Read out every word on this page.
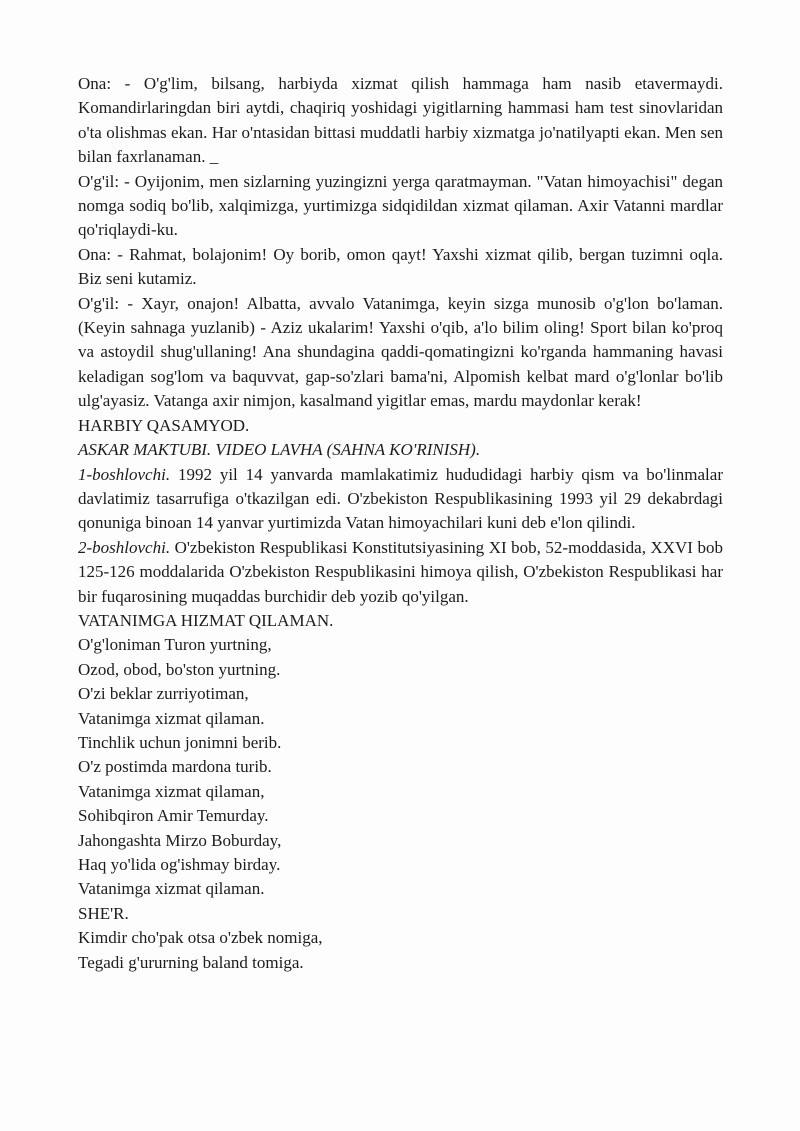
Ona: - O'g'lim, bilsang, harbiyda xizmat qilish hammaga ham nasib etavermaydi. Komandirlaringdan biri aytdi, chaqiriq yoshidagi yigitlarning hammasi ham test sinovlaridan o'ta olishmas ekan. Har o'ntasidan bittasi muddatli harbiy xizmatga jo'natilyapti ekan. Men sen bilan faxrlanaman. _

O'g'il: - Oyijonim, men sizlarning yuzingizni yerga qaratmayman. "Vatan himoyachisi" degan nomga sodiq bo'lib, xalqimizga, yurtimizga sidqidildan xizmat qilaman. Axir Vatanni mardlar qo'riqlaydi-ku.

Ona: - Rahmat, bolajonim! Oy borib, omon qayt! Yaxshi xizmat qilib, bergan tuzimni oqla. Biz seni kutamiz.

O'g'il: - Xayr, onajon! Albatta, avvalo Vatanimga, keyin sizga munosib o'g'lon bo'laman. (Keyin sahnaga yuzlanib) - Aziz ukalarim! Yaxshi o'qib, a'lo bilim oling! Sport bilan ko'proq va astoydil shug'ullaning! Ana shundagina qaddi-qomatingizni ko'rganda hammaning havasi keladigan sog'lom va baquvvat, gap-so'zlari bama'ni, Alpomish kelbat mard o'g'lonlar bo'lib ulg'ayasiz. Vatanga axir nimjon, kasalmand yigitlar emas, mardu maydonlar kerak!

HARBIY QASAMYOD.

ASKAR MAKTUBI. VIDEO LAVHA (SAHNA KO'RINISH).

1-boshlovchi. 1992 yil 14 yanvarda mamlakatimiz hududidagi harbiy qism va bo'linmalar davlatimiz tasarrufiga o'tkazilgan edi. O'zbekiston Respublikasining 1993 yil 29 dekabrdagi qonuniga binoan 14 yanvar yurtimizda Vatan himoyachilari kuni deb e'lon qilindi.

2-boshlovchi. O'zbekiston Respublikasi Konstitutsiyasining XI bob, 52-moddasida, XXVI bob 125-126 moddalarida O'zbekiston Respublikasini himoya qilish, O'zbekiston Respublikasi har bir fuqarosining muqaddas burchidir deb yozib qo'yilgan.

VATANIMGA HIZMAT QILAMAN.

O'g'loniman Turon yurtning,

Ozod, obod, bo'ston yurtning.

O'zi beklar zurriyotiman,

Vatanimga xizmat qilaman.

Tinchlik uchun jonimni berib.

O'z postimda mardona turib.

Vatanimga xizmat qilaman,

Sohibqiron Amir Temurday.

Jahongashta Mirzo Boburday,

Haq yo'lida og'ishmay birday.

Vatanimga xizmat qilaman.

SHE'R.

Kimdir cho'pak otsa o'zbek nomiga,

Tegadi g'ururning baland tomiga.
